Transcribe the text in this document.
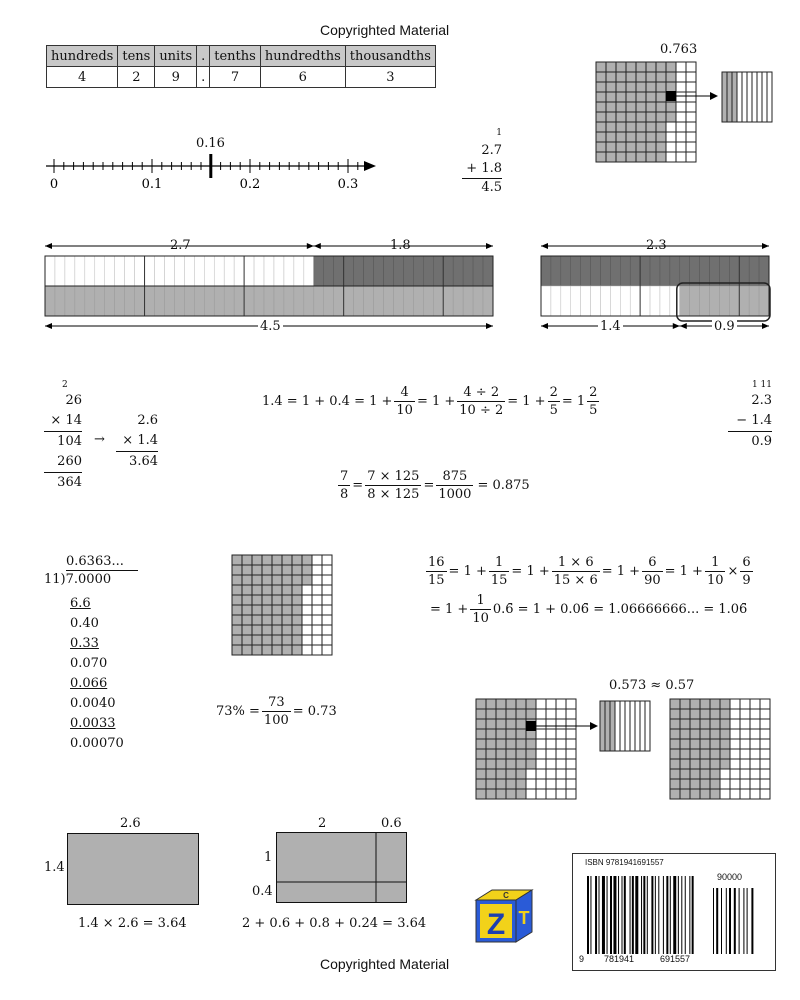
Copyrighted Material
hundreds	tens	units	.	tenths	hundredths	thousandths
4	2	9	.	7	6	3
0.763
0.16
0	0.1	0.2	0.3
1
2.7
+ 1.8
4.5
2.7	1.8
4.5
2.3
1.4	0.9
2
26
× 14
104
260
364
→
2.6
× 1.4
3.64
$1.4 = 1 + 0.4 = 1 + \frac{4}{10} = 1 + \frac{4 \div 2}{10 \div 2} = 1 + \frac{2}{5} = 1 \frac{2}{5}$	1 11
2.3
− 1.4
0.9
$\frac{7}{8} = \frac{7 \times 125}{8 \times 125} = \frac{875}{1000} = 0.875$
0.6363...
11)7.0000
6.6
0.40
0.33
0.070
0.066
0.0040
0.0033
0.00070
$\frac{16}{15} = 1 + \frac{1}{15} = 1 + \frac{1 \times 6}{15 \times 6} = 1 + \frac{6}{90} = 1 + \frac{1}{10} \times \frac{6}{9}$
= $1 + \frac{1}{10}$ 0.6̄ = 1 + 0.06̄ = 1.06666666... = 1.06̄
$73\% = \frac{73}{100} = 0.73$
0.573 ≈ 0.57
2.6
1.4
1.4 × 2.6 = 3.64
2	0.6
1
0.4
2 + 0.6 + 0.8 + 0.24 = 3.64 Z T
C
ISBN 9781941691557
90000
9 781941	691557
Copyrighted Material
